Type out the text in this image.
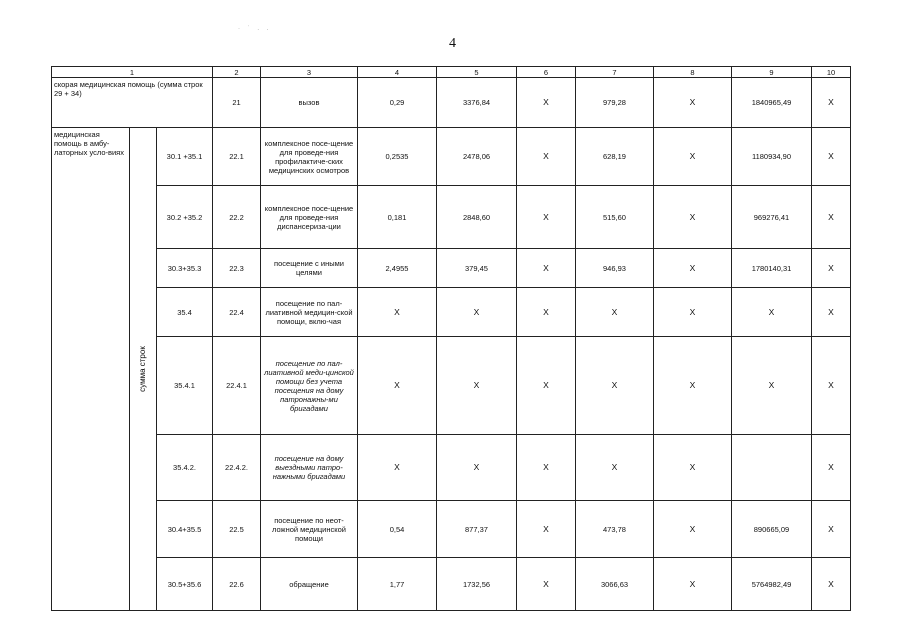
· ˙ . .
4
1			2	3	4	5	6	7	8	9	10
скорая медицинская помощь (сумма строк 29 + 34)			21	вызов	0,29	3376,84	X	979,28	X	1840965,49	X
медицинская помощь в амбу-латорных усло-виях	сумма строк	30.1 +35.1	22.1	комплексное посе-щение для проведе-ния профилактиче-ских медицинских осмотров	0,2535	2478,06	X	628,19	X	1180934,90	X
		30.2 +35.2	22.2	комплексное посе-щение для проведе-ния диспансериза-ции	0,181	2848,60	X	515,60	X	969276,41	X
		30.3+35.3	22.3	посещение с иными целями	2,4955	379,45	X	946,93	X	1780140,31	X
		35.4	22.4	посещение по пал-лиативной медицин-ской помощи, вклю-чая	X	X	X	X	X	X	X
		35.4.1	22.4.1	посещение по пал-лиативной меди-цинской помощи без учета посещения на дому патронажны-ми бригадами	X	X	X	X	X	X	X
		35.4.2.	22.4.2.	посещение на дому выездными патро-нажными бригадами	X	X	X	X	X		X
		30.4+35.5	22.5	посещение по неот-ложной медицинской помощи	0,54	877,37	X	473,78	X	890665,09	X
		30.5+35.6	22.6	обращение	1,77	1732,56	X	3066,63	X	5764982,49	X
